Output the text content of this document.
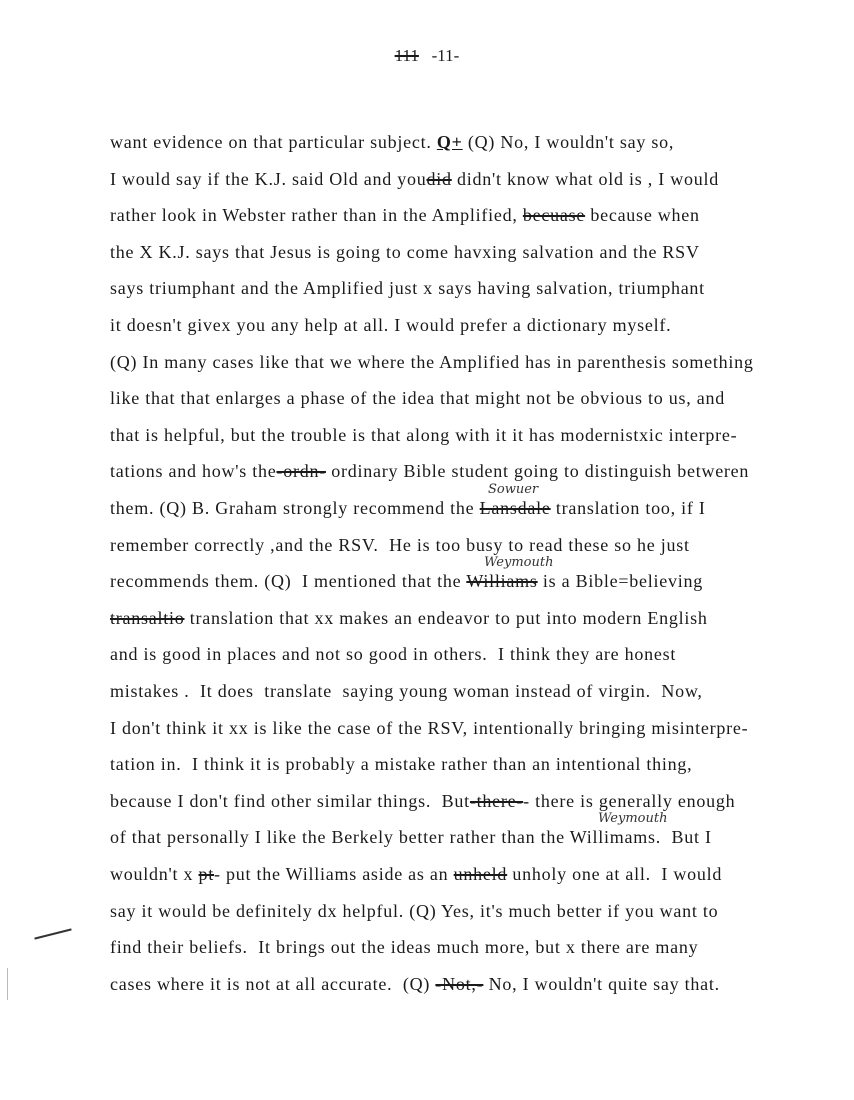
111 -11-
want evidence on that particular subject. Q+ (Q) No, I wouldn't say so,
I would say if the K.J. said Old and youdid didn't know what old is , I would
rather look in Webster rather than in the Amplified, becuase because when
the X K.J. says that Jesus is going to come havxing salvation and the RSV
says triumphant and the Amplified just x says having salvation, triumphant
it doesn't givex you any help at all. I would prefer a dictionary myself.
(Q) In many cases like that we where the Amplified has in parenthesis something
like that that enlarges a phase of the idea that might not be obvious to us, and
that is helpful, but the trouble is that along with it it has modernistxic interpre-
tations and how's the-ordn- ordinary Bible student going to distinguish betweren
them. (Q) B. Graham strongly recommend the Lansdale translation too, if I
remember correctly ,and the RSV.  He is too busy to read these so he just
recommends them. (Q)  I mentioned that the Williams is a Bible=believing
transaltio translation that xx makes an endeavor to put into modern English
and is good in places and not so good in others.  I think they are honest
mistakes .  It does  translate  saying young woman instead of virgin.  Now,
I don't think it xx is like the case of the RSV, intentionally bringing misinterpre-
tation in.  I think it is probably a mistake rather than an intentional thing,
because I don't find other similar things.  But-there-- there is generally enough
of that personally I like the Berkely better rather than the Willimams.  But I
wouldn't x pt- put the Williams aside as an unheld unholy one at all.  I would
say it would be definitely dx helpful. (Q) Yes, it's much better if you want to
find their beliefs.  It brings out the ideas much more, but x there are many
cases where it is not at all accurate.  (Q) -Not,- No, I wouldn't quite say that.
Sowuer
Weymouth
Weymouth
